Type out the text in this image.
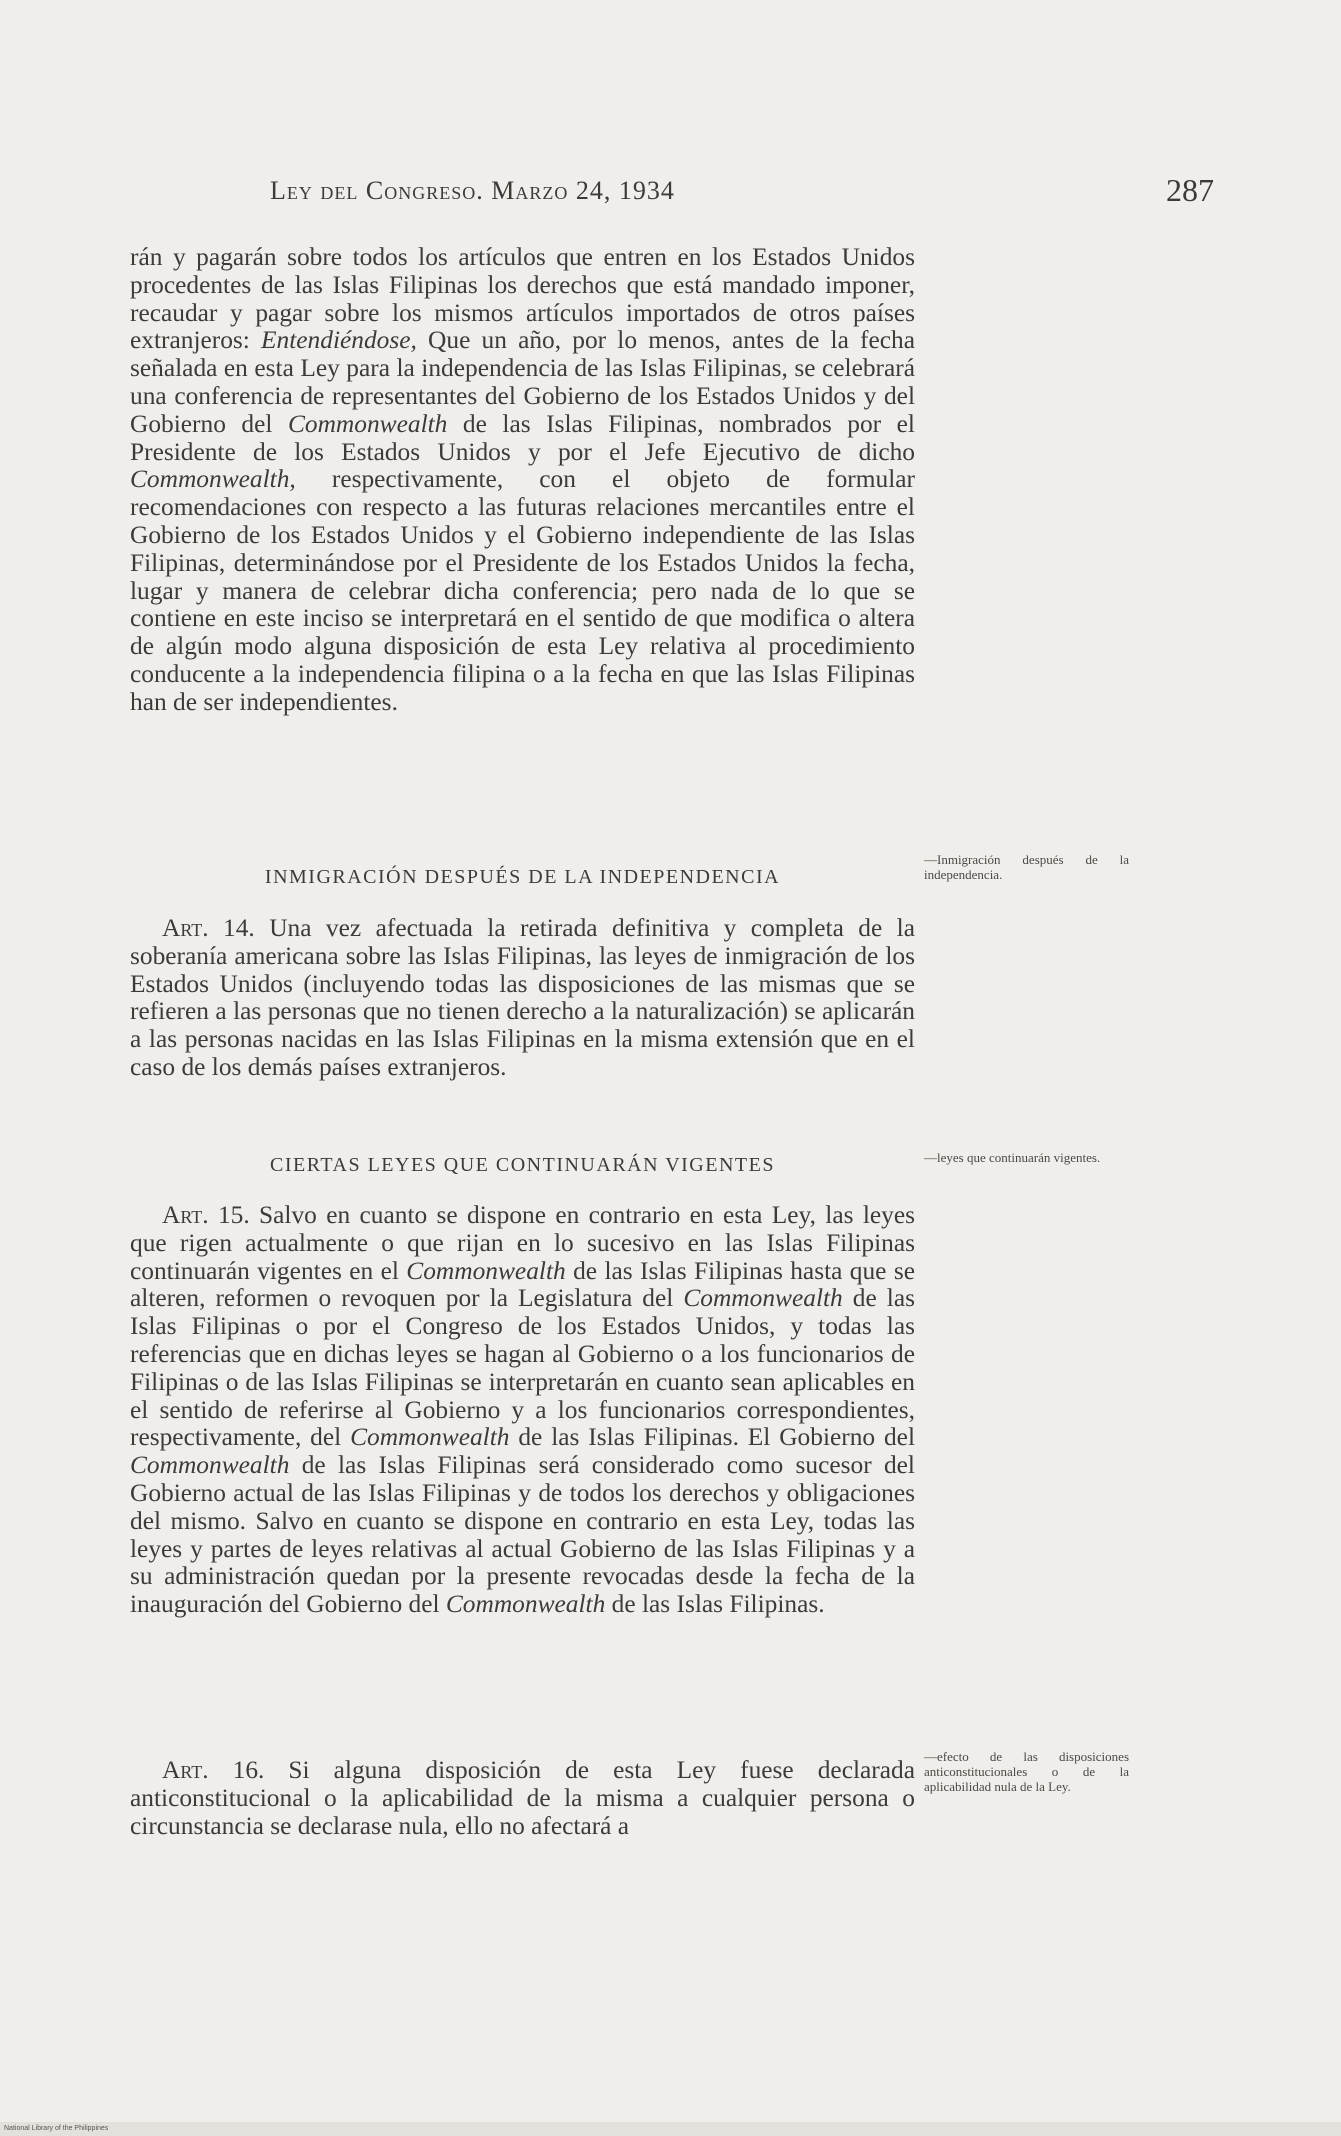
Ley del Congreso. Marzo 24, 1934	287

rán y pagarán sobre todos los artículos que entren en los Estados Unidos procedentes de las Islas Filipinas los derechos que está mandado imponer, recaudar y pagar sobre los mismos artículos importados de otros países extranjeros: Entendiéndose, Que un año, por lo menos, antes de la fecha señalada en esta Ley para la independencia de las Islas Filipinas, se celebrará una conferencia de representantes del Gobierno de los Estados Unidos y del Gobierno del Commonwealth de las Islas Filipinas, nombrados por el Presidente de los Estados Unidos y por el Jefe Ejecutivo de dicho Commonwealth, respectivamente, con el objeto de formular recomendaciones con respecto a las futuras relaciones mercantiles entre el Gobierno de los Estados Unidos y el Gobierno independiente de las Islas Filipinas, determinándose por el Presidente de los Estados Unidos la fecha, lugar y manera de celebrar dicha conferencia; pero nada de lo que se contiene en este inciso se interpretará en el sentido de que modifica o altera de algún modo alguna disposición de esta Ley relativa al procedimiento conducente a la independencia filipina o a la fecha en que las Islas Filipinas han de ser independientes.

INMIGRACIÓN DESPUÉS DE LA INDEPENDENCIA
—Inmigración después de la independencia.

Art. 14. Una vez afectuada la retirada definitiva y completa de la soberanía americana sobre las Islas Filipinas, las leyes de inmigración de los Estados Unidos (incluyendo todas las disposiciones de las mismas que se refieren a las personas que no tienen derecho a la naturalización) se aplicarán a las personas nacidas en las Islas Filipinas en la misma extensión que en el caso de los demás países extranjeros.

CIERTAS LEYES QUE CONTINUARÁN VIGENTES	—leyes que continuarán vigentes.

Art. 15. Salvo en cuanto se dispone en contrario en esta Ley, las leyes que rigen actualmente o que rijan en lo sucesivo en las Islas Filipinas continuarán vigentes en el Commonwealth de las Islas Filipinas hasta que se alteren, reformen o revoquen por la Legislatura del Commonwealth de las Islas Filipinas o por el Congreso de los Estados Unidos, y todas las referencias que en dichas leyes se hagan al Gobierno o a los funcionarios de Filipinas o de las Islas Filipinas se interpretarán en cuanto sean aplicables en el sentido de referirse al Gobierno y a los funcionarios correspondientes, respectivamente, del Commonwealth de las Islas Filipinas. El Gobierno del Commonwealth de las Islas Filipinas será considerado como sucesor del Gobierno actual de las Islas Filipinas y de todos los derechos y obligaciones del mismo. Salvo en cuanto se dispone en contrario en esta Ley, todas las leyes y partes de leyes relativas al actual Gobierno de las Islas Filipinas y a su administración quedan por la presente revocadas desde la fecha de la inauguración del Gobierno del Commonwealth de las Islas Filipinas.

—efecto de las disposiciones anticonstitucionales o de la aplicabilidad nula de la Ley.

Art. 16. Si alguna disposición de esta Ley fuese declarada anticonstitucional o la aplicabilidad de la misma a cualquier persona o circunstancia se declarase nula, ello no afectará a

National Library of the Philippines
